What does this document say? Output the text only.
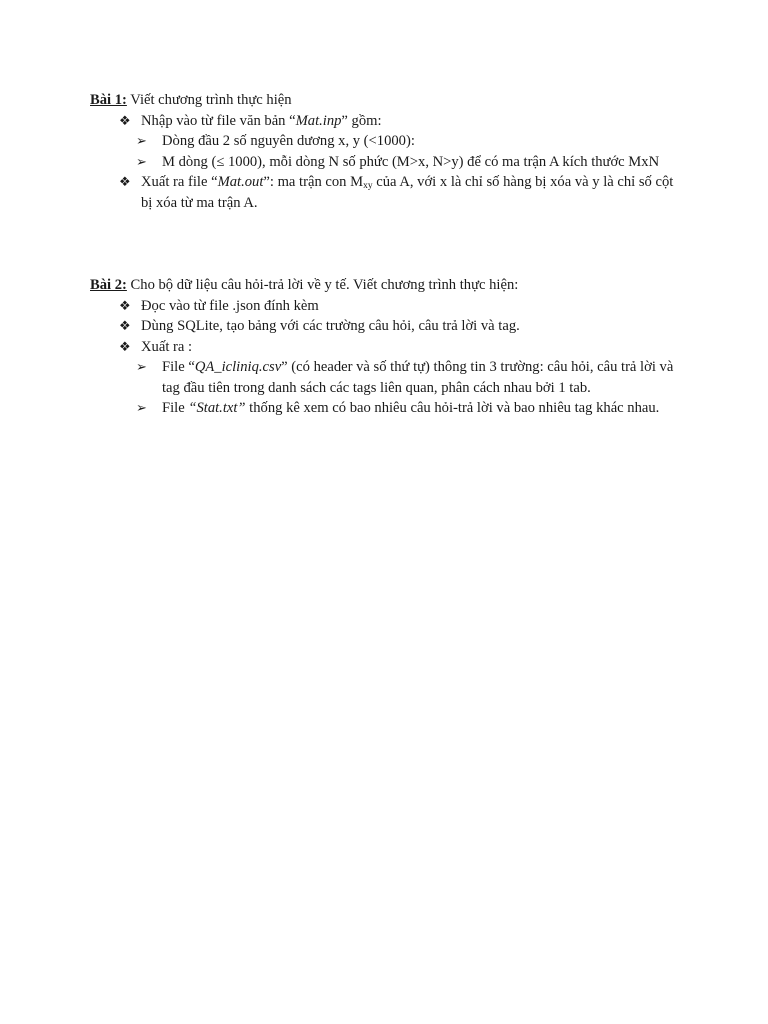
Bài 1: Viết chương trình thực hiện
❖ Nhập vào từ file văn bản “Mat.inp” gồm:
➢ Dòng đầu 2 số nguyên dương x, y (<1000):
➢ M dòng (≤ 1000), mỗi dòng N số phức (M>x, N>y) để có ma trận A kích thước MxN
❖ Xuất ra file “Mat.out”: ma trận con $M_{xy}$ của A, với x là chỉ số hàng bị xóa và y là chỉ số cột bị xóa từ ma trận A.
Bài 2: Cho bộ dữ liệu câu hỏi-trả lời về y tế. Viết chương trình thực hiện:
❖ Đọc vào từ file .json đính kèm
❖ Dùng SQLite, tạo bảng với các trường câu hỏi, câu trả lời và tag.
❖ Xuất ra :
➢ File “QA_icliniq.csv” (có header và số thứ tự) thông tin 3 trường: câu hỏi, câu trả lời và tag đầu tiên trong danh sách các tags liên quan, phân cách nhau bởi 1 tab.
➢ File “Stat.txt” thống kê xem có bao nhiêu câu hỏi-trả lời và bao nhiêu tag khác nhau.
